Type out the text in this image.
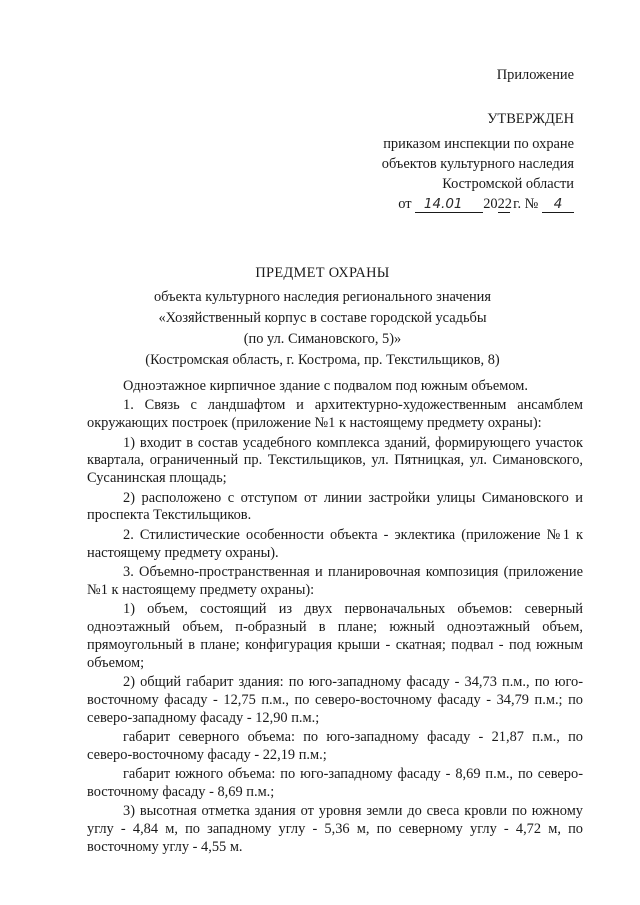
Приложение
УТВЕРЖДЕН
приказом инспекции по охране
объектов культурного наследия
Костромской области
от 14.01 2022 г. № 4
ПРЕДМЕТ ОХРАНЫ
объекта культурного наследия регионального значения
«Хозяйственный корпус в составе городской усадьбы
(по ул. Симановского, 5)»
(Костромская область, г. Кострома, пр. Текстильщиков, 8)

Одноэтажное кирпичное здание с подвалом под южным объемом.

1. Связь с ландшафтом и архитектурно-художественным ансамблем окружающих построек (приложение №1 к настоящему предмету охраны):

1) входит в состав усадебного комплекса зданий, формирующего участок квартала, ограниченный пр. Текстильщиков, ул. Пятницкая, ул. Симановского, Сусанинская площадь;

2) расположено с отступом от линии застройки улицы Симановского и проспекта Текстильщиков.

2. Стилистические особенности объекта - эклектика (приложение №1 к настоящему предмету охраны).

3. Объемно-пространственная и планировочная композиция (приложение №1 к настоящему предмету охраны):

1) объем, состоящий из двух первоначальных объемов: северный одноэтажный объем, п-образный в плане; южный одноэтажный объем, прямоугольный в плане; конфигурация крыши - скатная; подвал - под южным объемом;

2) общий габарит здания: по юго-западному фасаду - 34,73 п.м., по юго-восточному фасаду - 12,75 п.м., по северо-восточному фасаду - 34,79 п.м.; по северо-западному фасаду - 12,90 п.м.;

габарит северного объема: по юго-западному фасаду - 21,87 п.м., по северо-восточному фасаду - 22,19 п.м.;

габарит южного объема: по юго-западному фасаду - 8,69 п.м., по северо-восточному фасаду - 8,69 п.м.;

3) высотная отметка здания от уровня земли до свеса кровли по южному углу - 4,84 м, по западному углу - 5,36 м, по северному углу - 4,72 м, по восточному углу - 4,55 м.
